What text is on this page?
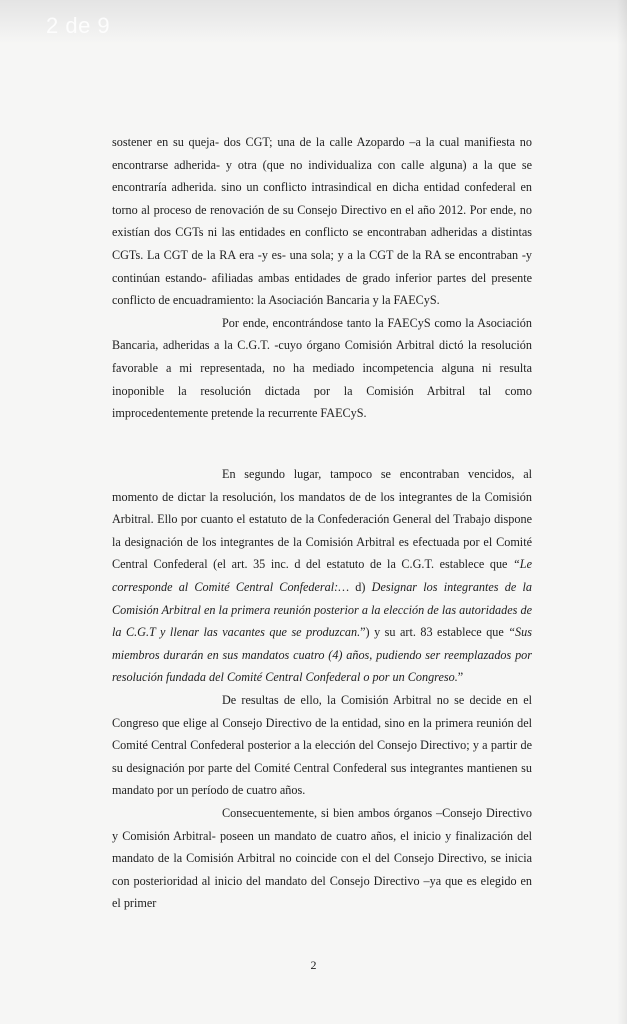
2 de 9

sostener en su queja- dos CGT; una de la calle Azopardo –a la cual manifiesta no encontrarse adherida- y otra (que no individualiza con calle alguna) a la que se encontraría adherida. sino un conflicto intrasindical en dicha entidad confederal en torno al proceso de renovación de su Consejo Directivo en el año 2012. Por ende, no existían dos CGTs ni las entidades en conflicto se encontraban adheridas a distintas CGTs. La CGT de la RA era -y es- una sola; y a la CGT de la RA se encontraban -y continúan estando- afiliadas ambas entidades de grado inferior partes del presente conflicto de encuadramiento: la Asociación Bancaria y la FAECyS.

Por ende, encontrándose tanto la FAECyS como la Asociación Bancaria, adheridas a la C.G.T. -cuyo órgano Comisión Arbitral dictó la resolución favorable a mi representada, no ha mediado incompetencia alguna ni resulta inoponible la resolución dictada por la Comisión Arbitral tal como improcedentemente pretende la recurrente FAECyS.

En segundo lugar, tampoco se encontraban vencidos, al momento de dictar la resolución, los mandatos de de los integrantes de la Comisión Arbitral. Ello por cuanto el estatuto de la Confederación General del Trabajo dispone la designación de los integrantes de la Comisión Arbitral es efectuada por el Comité Central Confederal (el art. 35 inc. d del estatuto de la C.G.T. establece que “Le corresponde al Comité Central Confederal:… d) Designar los integrantes de la Comisión Arbitral en la primera reunión posterior a la elección de las autoridades de la C.G.T y llenar las vacantes que se produzcan.”) y su art. 83 establece que “Sus miembros durarán en sus mandatos cuatro (4) años, pudiendo ser reemplazados por resolución fundada del Comité Central Confederal o por un Congreso.”

De resultas de ello, la Comisión Arbitral no se decide en el Congreso que elige al Consejo Directivo de la entidad, sino en la primera reunión del Comité Central Confederal posterior a la elección del Consejo Directivo; y a partir de su designación por parte del Comité Central Confederal sus integrantes mantienen su mandato por un período de cuatro años.

Consecuentemente, si bien ambos órganos –Consejo Directivo y Comisión Arbitral- poseen un mandato de cuatro años, el inicio y finalización del mandato de la Comisión Arbitral no coincide con el del Consejo Directivo, se inicia con posterioridad al inicio del mandato del Consejo Directivo –ya que es elegido en el primer

2
